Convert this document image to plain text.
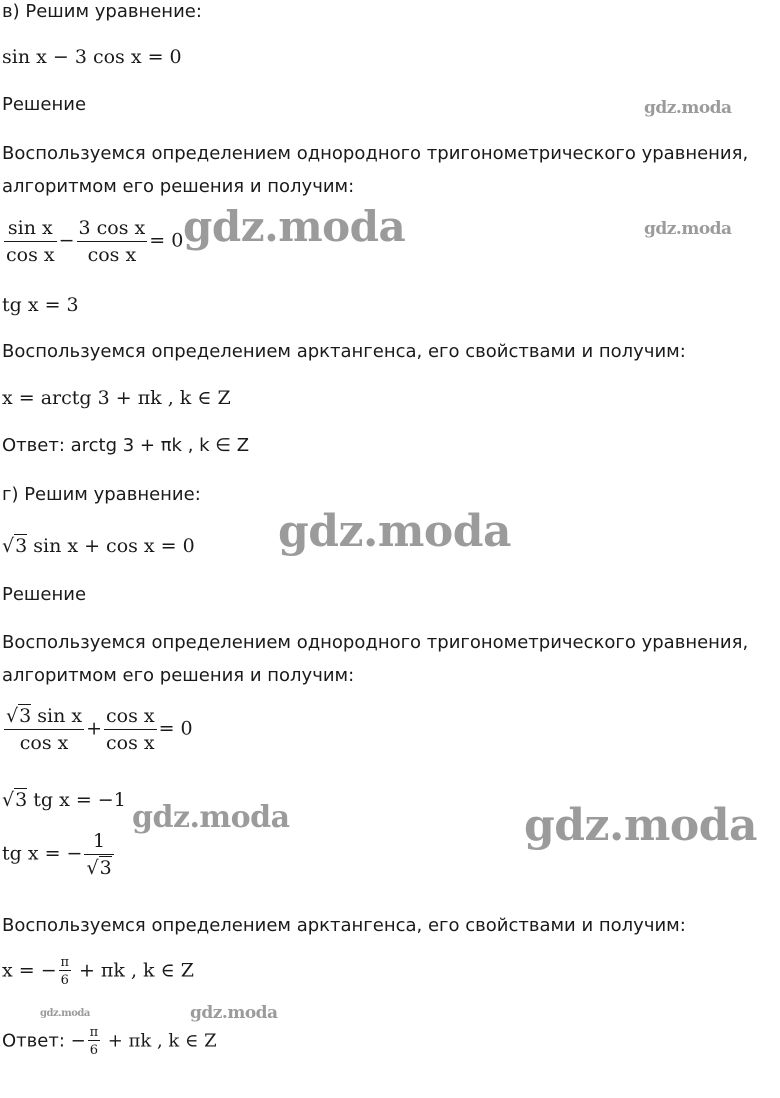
в) Решим уравнение:
sin x − 3 cos x = 0
Решение
Воспользуемся определением однородного тригонометрического уравнения, алгоритмом его решения и получим:
$\frac{\text{sin x}}{\text{cos x}} - \frac{\text{3 cos x}}{\text{cos x}} = 0$
tg x = 3
Воспользуемся определением арктангенса, его свойствами и получим:
x = arctg 3 + πk , k ∈ Z
Ответ: arctg 3 + πk , k ∈ Z
г) Решим уравнение:
√3 sin x + cos x = 0
Решение
Воспользуемся определением однородного тригонометрического уравнения, алгоритмом его решения и получим:
$\frac{\text{√3 sin x}}{\text{cos x}} + \frac{\text{cos x}}{\text{cos x}} = 0$
√3 tg x = −1
tg x = − $\frac{1}{√3}$
Воспользуемся определением арктангенса, его свойствами и получим:
x = − $\frac{\pi}{6} + \pi k$ , k ∈ Z
Ответ: − $\frac{\pi}{6} + \pi k$ , k ∈ Z
gdz.moda
gdz.moda	gdz.moda
gdz.moda
gdz.moda	gdz.moda
gdz.moda	gdz.moda
